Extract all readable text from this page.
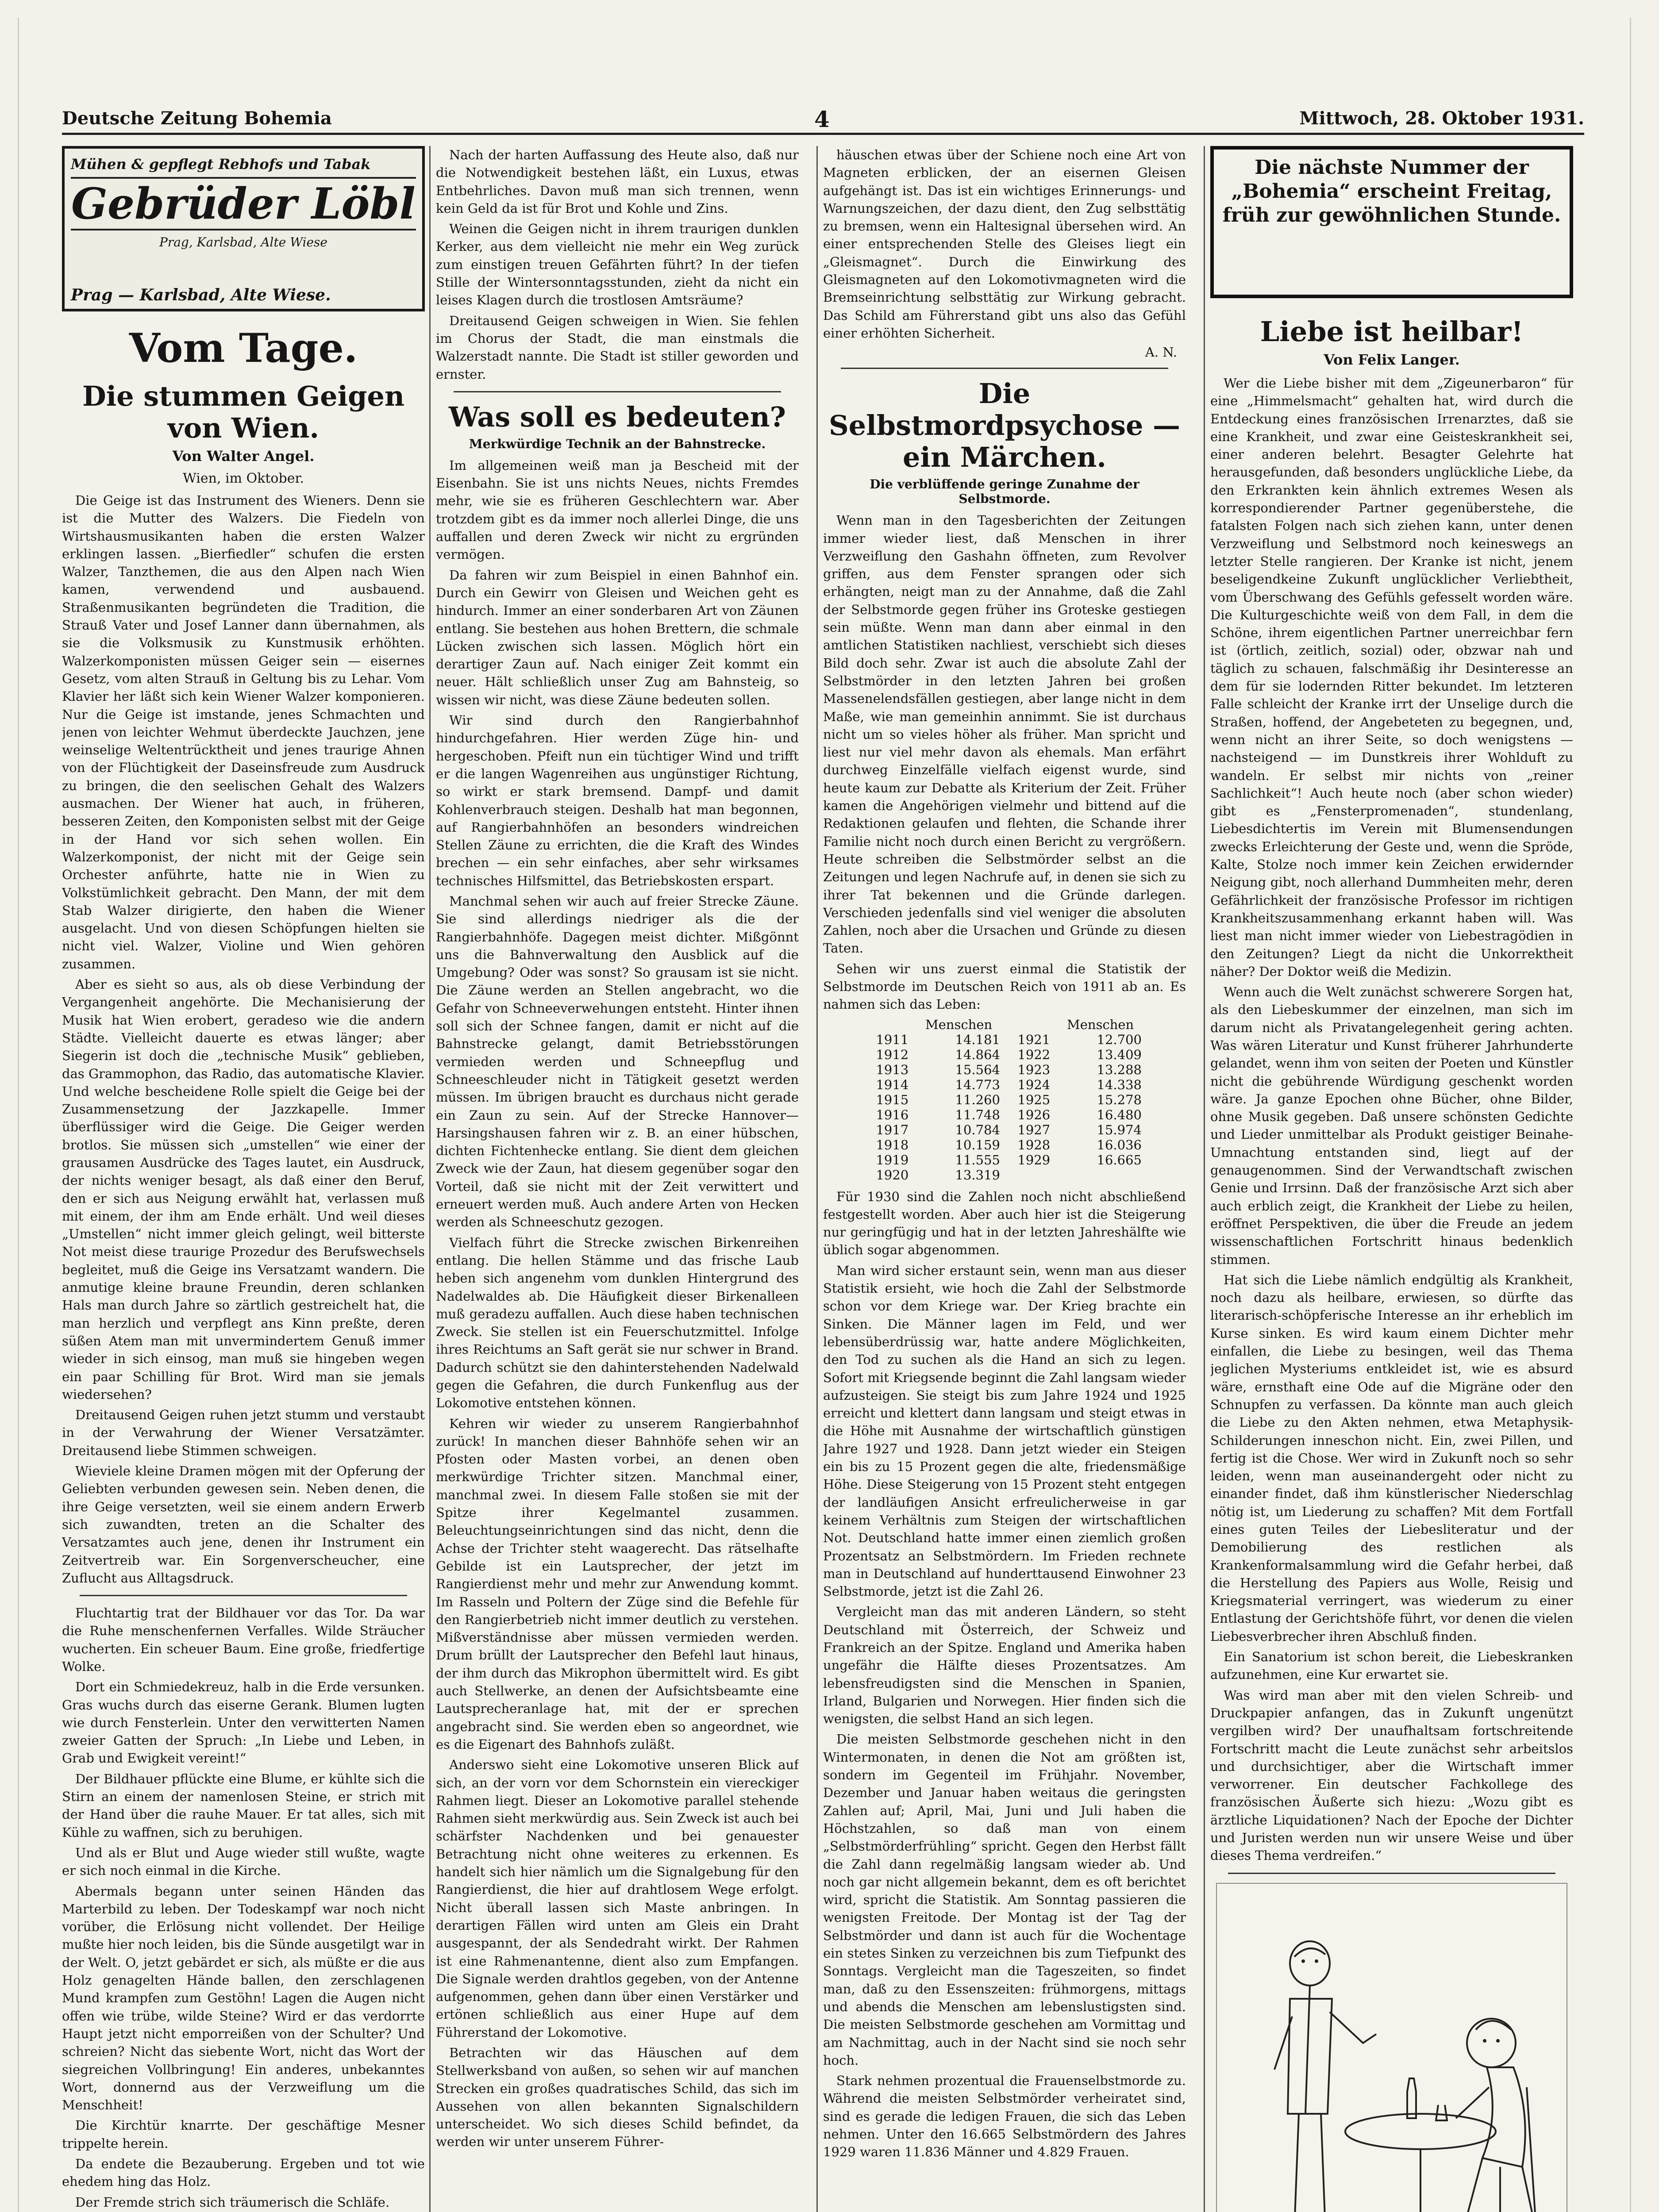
Deutsche Zeitung Bohemia	4	Mittwoch, 28. Oktober 1931.
Mühen & gepflegt Rebhofs und Tabak
Gebrüder Löbl
Prag, Karlsbad, Alte Wiese
Prag — Karlsbad, Alte Wiese.
Vom Tage.
Die stummen Geigen von Wien.
Von Walter Angel.
Wien, im Oktober.

Die Geige ist das Instrument des Wieners. Denn sie ist die Mutter des Walzers. Die Fiedeln von Wirtshausmusikanten haben die ersten Walzer erklingen lassen. „Bierfiedler“ schufen die ersten Walzer, Tanzthemen, die aus den Alpen nach Wien kamen, verwendend und ausbauend. Straßenmusikanten begründeten die Tradition, die Strauß Vater und Josef Lanner dann übernahmen, als sie die Volksmusik zu Kunstmusik erhöhten. Walzerkomponisten müssen Geiger sein — eisernes Gesetz, vom alten Strauß in Geltung bis zu Lehar. Vom Klavier her läßt sich kein Wiener Walzer komponieren. Nur die Geige ist imstande, jenes Schmachten und jenen von leichter Wehmut überdeckte Jauchzen, jene weinselige Weltentrücktheit und jenes traurige Ahnen von der Flüchtigkeit der Daseinsfreude zum Ausdruck zu bringen, die den seelischen Gehalt des Walzers ausmachen. Der Wiener hat auch, in früheren, besseren Zeiten, den Komponisten selbst mit der Geige in der Hand vor sich sehen wollen. Ein Walzerkomponist, der nicht mit der Geige sein Orchester anführte, hatte nie in Wien zu Volkstümlichkeit gebracht. Den Mann, der mit dem Stab Walzer dirigierte, den haben die Wiener ausgelacht. Und von diesen Schöpfungen hielten sie nicht viel. Walzer, Violine und Wien gehören zusammen.

Aber es sieht so aus, als ob diese Verbindung der Vergangenheit angehörte. Die Mechanisierung der Musik hat Wien erobert, geradeso wie die andern Städte. Vielleicht dauerte es etwas länger; aber Siegerin ist doch die „technische Musik“ geblieben, das Grammophon, das Radio, das automatische Klavier. Und welche bescheidene Rolle spielt die Geige bei der Zusammensetzung der Jazzkapelle. Immer überflüssiger wird die Geige. Die Geiger werden brotlos. Sie müssen sich „umstellen“ wie einer der grausamen Ausdrücke des Tages lautet, ein Ausdruck, der nichts weniger besagt, als daß einer den Beruf, den er sich aus Neigung erwählt hat, verlassen muß mit einem, der ihm am Ende erhält. Und weil dieses „Umstellen“ nicht immer gleich gelingt, weil bitterste Not meist diese traurige Prozedur des Berufswechsels begleitet, muß die Geige ins Versatzamt wandern. Die anmutige kleine braune Freundin, deren schlanken Hals man durch Jahre so zärtlich gestreichelt hat, die man herzlich und verpflegt ans Kinn preßte, deren süßen Atem man mit unvermindertem Genuß immer wieder in sich einsog, man muß sie hingeben wegen ein paar Schilling für Brot. Wird man sie jemals wiedersehen?

Dreitausend Geigen ruhen jetzt stumm und verstaubt in der Verwahrung der Wiener Versatzämter. Dreitausend liebe Stimmen schweigen.

Wieviele kleine Dramen mögen mit der Opferung der Geliebten verbunden gewesen sein. Neben denen, die ihre Geige versetzten, weil sie einem andern Erwerb sich zuwandten, treten an die Schalter des Versatzamtes auch jene, denen ihr Instrument ein Zeitvertreib war. Ein Sorgenverscheucher, eine Zuflucht aus Alltagsdruck.

Fluchtartig trat der Bildhauer vor das Tor. Da war die Ruhe menschenfernen Verfalles. Wilde Sträucher wucherten. Ein scheuer Baum. Eine große, friedfertige Wolke.

Dort ein Schmiedekreuz, halb in die Erde versunken. Gras wuchs durch das eiserne Gerank. Blumen lugten wie durch Fensterlein. Unter den verwitterten Namen zweier Gatten der Spruch: „In Liebe und Leben, in Grab und Ewigkeit vereint!“

Der Bildhauer pflückte eine Blume, er kühlte sich die Stirn an einem der namenlosen Steine, er strich mit der Hand über die rauhe Mauer. Er tat alles, sich mit Kühle zu waffnen, sich zu beruhigen.

Und als er Blut und Auge wieder still wußte, wagte er sich noch einmal in die Kirche.

Abermals begann unter seinen Händen das Marterbild zu leben. Der Todeskampf war noch nicht vorüber, die Erlösung nicht vollendet. Der Heilige mußte hier noch leiden, bis die Sünde ausgetilgt war in der Welt. O, jetzt gebärdet er sich, als müßte er die aus Holz genagelten Hände ballen, den zerschlagenen Mund krampfen zum Gestöhn! Lagen die Augen nicht offen wie trübe, wilde Steine? Wird er das verdorrte Haupt jetzt nicht emporreißen von der Schulter? Und schreien? Nicht das siebente Wort, nicht das Wort der siegreichen Vollbringung! Ein anderes, unbekanntes Wort, donnernd aus der Verzweiflung um die Menschheit!

Die Kirchtür knarrte. Der geschäftige Mesner trippelte herein.

Da endete die Bezauberung. Ergeben und tot wie ehedem hing das Holz.

Der Fremde strich sich träumerisch die Schläfe.

Nach der harten Auffassung des Heute also, daß nur die Notwendigkeit bestehen läßt, ein Luxus, etwas Entbehrliches. Davon muß man sich trennen, wenn kein Geld da ist für Brot und Kohle und Zins.

Weinen die Geigen nicht in ihrem traurigen dunklen Kerker, aus dem vielleicht nie mehr ein Weg zurück zum einstigen treuen Gefährten führt? In der tiefen Stille der Wintersonntagsstunden, zieht da nicht ein leises Klagen durch die trostlosen Amtsräume?

Dreitausend Geigen schweigen in Wien. Sie fehlen im Chorus der Stadt, die man einstmals die Walzerstadt nannte. Die Stadt ist stiller geworden und ernster.

Was soll es bedeuten?
Merkwürdige Technik an der Bahnstrecke.

Im allgemeinen weiß man ja Bescheid mit der Eisenbahn. Sie ist uns nichts Neues, nichts Fremdes mehr, wie sie es früheren Geschlechtern war. Aber trotzdem gibt es da immer noch allerlei Dinge, die uns auffallen und deren Zweck wir nicht zu ergründen vermögen.

Da fahren wir zum Beispiel in einen Bahnhof ein. Durch ein Gewirr von Gleisen und Weichen geht es hindurch. Immer an einer sonderbaren Art von Zäunen entlang. Sie bestehen aus hohen Brettern, die schmale Lücken zwischen sich lassen. Möglich hört ein derartiger Zaun auf. Nach einiger Zeit kommt ein neuer. Hält schließlich unser Zug am Bahnsteig, so wissen wir nicht, was diese Zäune bedeuten sollen.

Wir sind durch den Rangierbahnhof hindurchgefahren. Hier werden Züge hin- und hergeschoben. Pfeift nun ein tüchtiger Wind und trifft er die langen Wagenreihen aus ungünstiger Richtung, so wirkt er stark bremsend. Dampf- und damit Kohlenverbrauch steigen. Deshalb hat man begonnen, auf Rangierbahnhöfen an besonders windreichen Stellen Zäune zu errichten, die die Kraft des Windes brechen — ein sehr einfaches, aber sehr wirksames technisches Hilfsmittel, das Betriebskosten erspart.

Manchmal sehen wir auch auf freier Strecke Zäune. Sie sind allerdings niedriger als die der Rangierbahnhöfe. Dagegen meist dichter. Mißgönnt uns die Bahnverwaltung den Ausblick auf die Umgebung? Oder was sonst? So grausam ist sie nicht. Die Zäune werden an Stellen angebracht, wo die Gefahr von Schneeverwehungen entsteht. Hinter ihnen soll sich der Schnee fangen, damit er nicht auf die Bahnstrecke gelangt, damit Betriebsstörungen vermieden werden und Schneepflug und Schneeschleuder nicht in Tätigkeit gesetzt werden müssen. Im übrigen braucht es durchaus nicht gerade ein Zaun zu sein. Auf der Strecke Hannover—Harsingshausen fahren wir z. B. an einer hübschen, dichten Fichtenhecke entlang. Sie dient dem gleichen Zweck wie der Zaun, hat diesem gegenüber sogar den Vorteil, daß sie nicht mit der Zeit verwittert und erneuert werden muß. Auch andere Arten von Hecken werden als Schneeschutz gezogen.

Vielfach führt die Strecke zwischen Birkenreihen entlang. Die hellen Stämme und das frische Laub heben sich angenehm vom dunklen Hintergrund des Nadelwaldes ab. Die Häufigkeit dieser Birkenalleen muß geradezu auffallen. Auch diese haben technischen Zweck. Sie stellen ist ein Feuerschutzmittel. Infolge ihres Reichtums an Saft gerät sie nur schwer in Brand. Dadurch schützt sie den dahinterstehenden Nadelwald gegen die Gefahren, die durch Funkenflug aus der Lokomotive entstehen können.

Kehren wir wieder zu unserem Rangierbahnhof zurück! In manchen dieser Bahnhöfe sehen wir an Pfosten oder Masten vorbei, an denen oben merkwürdige Trichter sitzen. Manchmal einer, manchmal zwei. In diesem Falle stoßen sie mit der Spitze ihrer Kegelmantel zusammen. Beleuchtungseinrichtungen sind das nicht, denn die Achse der Trichter steht waagerecht. Das rätselhafte Gebilde ist ein Lautsprecher, der jetzt im Rangierdienst mehr und mehr zur Anwendung kommt. Im Rasseln und Poltern der Züge sind die Befehle für den Rangierbetrieb nicht immer deutlich zu verstehen. Mißverständnisse aber müssen vermieden werden. Drum brüllt der Lautsprecher den Befehl laut hinaus, der ihm durch das Mikrophon übermittelt wird. Es gibt auch Stellwerke, an denen der Aufsichtsbeamte eine Lautsprecheranlage hat, mit der er sprechen angebracht sind. Sie werden eben so angeordnet, wie es die Eigenart des Bahnhofs zuläßt.

Anderswo sieht eine Lokomotive unseren Blick auf sich, an der vorn vor dem Schornstein ein viereckiger Rahmen liegt. Dieser an Lokomotive parallel stehende Rahmen sieht merkwürdig aus. Sein Zweck ist auch bei schärfster Nachdenken und bei genauester Betrachtung nicht ohne weiteres zu erkennen. Es handelt sich hier nämlich um die Signalgebung für den Rangierdienst, die hier auf drahtlosem Wege erfolgt. Nicht überall lassen sich Maste anbringen. In derartigen Fällen wird unten am Gleis ein Draht ausgespannt, der als Sendedraht wirkt. Der Rahmen ist eine Rahmenantenne, dient also zum Empfangen. Die Signale werden drahtlos gegeben, von der Antenne aufgenommen, gehen dann über einen Verstärker und ertönen schließlich aus einer Hupe auf dem Führerstand der Lokomotive.

Betrachten wir das Häuschen auf dem Stellwerksband von außen, so sehen wir auf manchen Strecken ein großes quadratisches Schild, das sich im Aussehen von allen bekannten Signalschildern unterscheidet. Wo sich dieses Schild befindet, da werden wir unter unserem Führer-

häuschen etwas über der Schiene noch eine Art von Magneten erblicken, der an eisernen Gleisen aufgehängt ist. Das ist ein wichtiges Erinnerungs- und Warnungszeichen, der dazu dient, den Zug selbsttätig zu bremsen, wenn ein Haltesignal übersehen wird. An einer entsprechenden Stelle des Gleises liegt ein „Gleismagnet“. Durch die Einwirkung des Gleismagneten auf den Lokomotivmagneten wird die Bremseinrichtung selbsttätig zur Wirkung gebracht. Das Schild am Führerstand gibt uns also das Gefühl einer erhöhten Sicherheit.

A. N.
Die Selbstmordpsychose — ein Märchen.
Die verblüffende geringe Zunahme der Selbstmorde.

Wenn man in den Tagesberichten der Zeitungen immer wieder liest, daß Menschen in ihrer Verzweiflung den Gashahn öffneten, zum Revolver griffen, aus dem Fenster sprangen oder sich erhängten, neigt man zu der Annahme, daß die Zahl der Selbstmorde gegen früher ins Groteske gestiegen sein müßte. Wenn man dann aber einmal in den amtlichen Statistiken nachliest, verschiebt sich dieses Bild doch sehr. Zwar ist auch die absolute Zahl der Selbstmörder in den letzten Jahren bei großen Massenelendsfällen gestiegen, aber lange nicht in dem Maße, wie man gemeinhin annimmt. Sie ist durchaus nicht um so vieles höher als früher. Man spricht und liest nur viel mehr davon als ehemals. Man erfährt durchweg Einzelfälle vielfach eigenst wurde, sind heute kaum zur Debatte als Kriterium der Zeit. Früher kamen die Angehörigen vielmehr und bittend auf die Redaktionen gelaufen und flehten, die Schande ihrer Familie nicht noch durch einen Bericht zu vergrößern. Heute schreiben die Selbstmörder selbst an die Zeitungen und legen Nachrufe auf, in denen sie sich zu ihrer Tat bekennen und die Gründe darlegen. Verschieden jedenfalls sind viel weniger die absoluten Zahlen, noch aber die Ursachen und Gründe zu diesen Taten.

Sehen wir uns zuerst einmal die Statistik der Selbstmorde im Deutschen Reich von 1911 ab an. Es nahmen sich das Leben:

	Menschen		Menschen
1911	14.181	1921	12.700
1912	14.864	1922	13.409
1913	15.564	1923	13.288
1914	14.773	1924	14.338
1915	11.260	1925	15.278
1916	11.748	1926	16.480
1917	10.784	1927	15.974
1918	10.159	1928	16.036
1919	11.555	1929	16.665
1920	13.319		

Für 1930 sind die Zahlen noch nicht abschließend festgestellt worden. Aber auch hier ist die Steigerung nur geringfügig und hat in der letzten Jahreshälfte wie üblich sogar abgenommen.

Man wird sicher erstaunt sein, wenn man aus dieser Statistik ersieht, wie hoch die Zahl der Selbstmorde schon vor dem Kriege war. Der Krieg brachte ein Sinken. Die Männer lagen im Feld, und wer lebensüberdrüssig war, hatte andere Möglichkeiten, den Tod zu suchen als die Hand an sich zu legen. Sofort mit Kriegsende beginnt die Zahl langsam wieder aufzusteigen. Sie steigt bis zum Jahre 1924 und 1925 erreicht und klettert dann langsam und steigt etwas in die Höhe mit Ausnahme der wirtschaftlich günstigen Jahre 1927 und 1928. Dann jetzt wieder ein Steigen ein bis zu 15 Prozent gegen die alte, friedensmäßige Höhe. Diese Steigerung von 15 Prozent steht entgegen der landläufigen Ansicht erfreulicherweise in gar keinem Verhältnis zum Steigen der wirtschaftlichen Not. Deutschland hatte immer einen ziemlich großen Prozentsatz an Selbstmördern. Im Frieden rechnete man in Deutschland auf hunderttausend Einwohner 23 Selbstmorde, jetzt ist die Zahl 26.

Vergleicht man das mit anderen Ländern, so steht Deutschland mit Österreich, der Schweiz und Frankreich an der Spitze. England und Amerika haben ungefähr die Hälfte dieses Prozentsatzes. Am lebensfreudigsten sind die Menschen in Spanien, Irland, Bulgarien und Norwegen. Hier finden sich die wenigsten, die selbst Hand an sich legen.

Die meisten Selbstmorde geschehen nicht in den Wintermonaten, in denen die Not am größten ist, sondern im Gegenteil im Frühjahr. November, Dezember und Januar haben weitaus die geringsten Zahlen auf; April, Mai, Juni und Juli haben die Höchstzahlen, so daß man von einem „Selbstmörderfrühling“ spricht. Gegen den Herbst fällt die Zahl dann regelmäßig langsam wieder ab. Und noch gar nicht allgemein bekannt, dem es oft berichtet wird, spricht die Statistik. Am Sonntag passieren die wenigsten Freitode. Der Montag ist der Tag der Selbstmörder und dann ist auch für die Wochentage ein stetes Sinken zu verzeichnen bis zum Tiefpunkt des Sonntags. Vergleicht man die Tageszeiten, so findet man, daß zu den Essenszeiten: frühmorgens, mittags und abends die Menschen am lebenslustigsten sind. Die meisten Selbstmorde geschehen am Vormittag und am Nachmittag, auch in der Nacht sind sie noch sehr hoch.

Stark nehmen prozentual die Frauenselbstmorde zu. Während die meisten Selbstmörder verheiratet sind, sind es gerade die ledigen Frauen, die sich das Leben nehmen. Unter den 16.665 Selbstmördern des Jahres 1929 waren 11.836 Männer und 4.829 Frauen.

Die nächste Nummer der „Bohemia“ erscheint Freitag, früh zur gewöhnlichen Stunde.
Liebe ist heilbar!
Von Felix Langer.

Wer die Liebe bisher mit dem „Zigeunerbaron“ für eine „Himmelsmacht“ gehalten hat, wird durch die Entdeckung eines französischen Irrenarztes, daß sie eine Krankheit, und zwar eine Geisteskrankheit sei, einer anderen belehrt. Besagter Gelehrte hat herausgefunden, daß besonders unglückliche Liebe, da den Erkrankten kein ähnlich extremes Wesen als korrespondierender Partner gegenüberstehe, die fatalsten Folgen nach sich ziehen kann, unter denen Verzweiflung und Selbstmord noch keineswegs an letzter Stelle rangieren. Der Kranke ist nicht, jenem beseligendkeine Zukunft unglücklicher Verliebtheit, vom Überschwang des Gefühls gefesselt worden wäre. Die Kulturgeschichte weiß von dem Fall, in dem die Schöne, ihrem eigentlichen Partner unerreichbar fern ist (örtlich, zeitlich, sozial) oder, obzwar nah und täglich zu schauen, falschmäßig ihr Desinteresse an dem für sie lodernden Ritter bekundet. Im letzteren Falle schleicht der Kranke irrt der Unselige durch die Straßen, hoffend, der Angebeteten zu begegnen, und, wenn nicht an ihrer Seite, so doch wenigstens — nachsteigend — im Dunstkreis ihrer Wohlduft zu wandeln. Er selbst mir nichts von „reiner Sachlichkeit“! Auch heute noch (aber schon wieder) gibt es „Fensterpromenaden“, stundenlang, Liebesdichtertis im Verein mit Blumensendungen zwecks Erleichterung der Geste und, wenn die Spröde, Kalte, Stolze noch immer kein Zeichen erwidernder Neigung gibt, noch allerhand Dummheiten mehr, deren Gefährlichkeit der französische Professor im richtigen Krankheitszusammenhang erkannt haben will. Was liest man nicht immer wieder von Liebestragödien in den Zeitungen? Liegt da nicht die Unkorrektheit näher? Der Doktor weiß die Medizin.

Wenn auch die Welt zunächst schwerere Sorgen hat, als den Liebeskummer der einzelnen, man sich im darum nicht als Privatangelegenheit gering achten. Was wären Literatur und Kunst früherer Jahrhunderte gelandet, wenn ihm von seiten der Poeten und Künstler nicht die gebührende Würdigung geschenkt worden wäre. Ja ganze Epochen ohne Bücher, ohne Bilder, ohne Musik gegeben. Daß unsere schönsten Gedichte und Lieder unmittelbar als Produkt geistiger Beinahe-Umnachtung entstanden sind, liegt auf der genaugenommen. Sind der Verwandtschaft zwischen Genie und Irrsinn. Daß der französische Arzt sich aber auch erblich zeigt, die Krankheit der Liebe zu heilen, eröffnet Perspektiven, die über die Freude an jedem wissenschaftlichen Fortschritt hinaus bedenklich stimmen.

Hat sich die Liebe nämlich endgültig als Krankheit, noch dazu als heilbare, erwiesen, so dürfte das literarisch-schöpferische Interesse an ihr erheblich im Kurse sinken. Es wird kaum einem Dichter mehr einfallen, die Liebe zu besingen, weil das Thema jeglichen Mysteriums entkleidet ist, wie es absurd wäre, ernsthaft eine Ode auf die Migräne oder den Schnupfen zu verfassen. Da könnte man auch gleich die Liebe zu den Akten nehmen, etwa Metaphysik-Schilderungen inneschon nicht. Ein, zwei Pillen, und fertig ist die Chose. Wer wird in Zukunft noch so sehr leiden, wenn man auseinandergeht oder nicht zu einander findet, daß ihm künstlerischer Niederschlag nötig ist, um Liederung zu schaffen? Mit dem Fortfall eines guten Teiles der Liebesliteratur und der Demobilierung des restlichen als Krankenformalsammlung wird die Gefahr herbei, daß die Herstellung des Papiers aus Wolle, Reisig und Kriegsmaterial verringert, was wiederum zu einer Entlastung der Gerichtshöfe führt, vor denen die vielen Liebesverbrecher ihren Abschluß finden.

Ein Sanatorium ist schon bereit, die Liebeskranken aufzunehmen, eine Kur erwartet sie.

Was wird man aber mit den vielen Schreib- und Druckpapier anfangen, das in Zukunft ungenützt vergilben wird? Der unaufhaltsam fortschreitende Fortschritt macht die Leute zunächst sehr arbeitslos und durchsichtiger, aber die Wirtschaft immer verworrener. Ein deutscher Fachkollege des französischen Äußerte sich hiezu: „Wozu gibt es ärztliche Liquidationen? Nach der Epoche der Dichter und Juristen werden nun wir unsere Weise und über dieses Thema verdreifen.“
